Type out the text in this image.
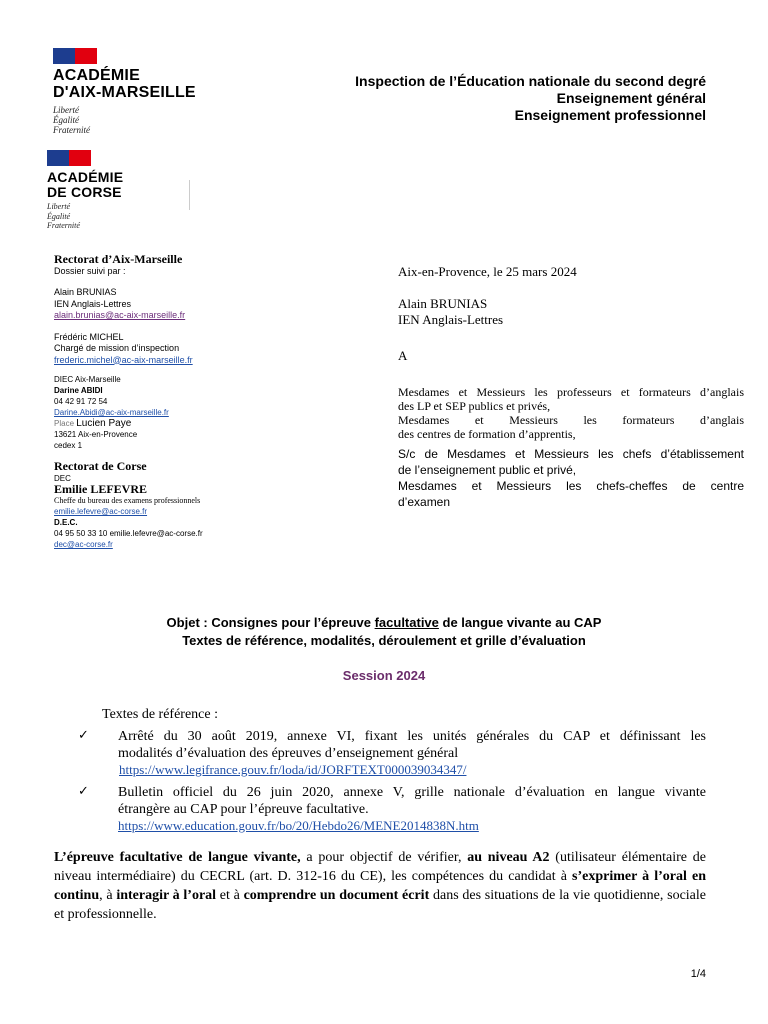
ACADÉMIE
D'AIX-MARSEILLE
Liberté
Égalité
Fraternité
ACADÉMIE
DE CORSE
Liberté
Égalité
Fraternité
Inspection de l’Éducation nationale du second degré
Enseignement général
Enseignement professionnel
Rectorat d’Aix-Marseille
Dossier suivi par :
Alain BRUNIAS
IEN Anglais-Lettres
alain.brunias@ac-aix-marseille.fr
Frédéric MICHEL
Chargé de mission d’inspection
frederic.michel@ac-aix-marseille.fr
DIEC Aix-Marseille
Darine ABIDI
04 42 91 72 54
Darine.Abidi@ac-aix-marseille.fr
Place Lucien Paye
13621 Aix-en-Provence
cedex 1
Rectorat de Corse
DEC
Emilie LEFEVRE
Cheffe du bureau des examens professionnels
emilie.lefevre@ac-corse.fr
D.E.C.
04 95 50 33 10 emilie.lefevre@ac-corse.fr
dec@ac-corse.fr
Aix-en-Provence, le 25 mars 2024
Alain BRUNIAS
IEN Anglais-Lettres
A
Mesdames et Messieurs les professeurs et formateurs d’anglais
des LP et SEP publics et privés,
Mesdames et Messieurs les formateurs d’anglais
des centres de formation d’apprentis,
S/c de Mesdames et Messieurs les chefs d’établissement
de l’enseignement public et privé,
Mesdames et Messieurs les chefs-cheffes de centre
d’examen
Objet : Consignes pour l’épreuve facultative de langue vivante au CAP
Textes de référence, modalités, déroulement et grille d’évaluation
Session 2024
Textes de référence :
✓ Arrêté du 30 août 2019, annexe VI, fixant les unités générales du CAP et définissant les
modalités d’évaluation des épreuves d’enseignement général
https://www.legifrance.gouv.fr/loda/id/JORFTEXT000039034347/
✓ Bulletin officiel du 26 juin 2020, annexe V, grille nationale d’évaluation en langue vivante
étrangère au CAP pour l’épreuve facultative.
https://www.education.gouv.fr/bo/20/Hebdo26/MENE2014838N.htm
L’épreuve facultative de langue vivante, a pour objectif de vérifier, au niveau A2 (utilisateur élémentaire de niveau intermédiaire) du CECRL (art. D. 312-16 du CE), les compétences du candidat à s’exprimer à l’oral en continu, à interagir à l’oral et à comprendre un document écrit dans des situations de la vie quotidienne, sociale et professionnelle.
1/4
